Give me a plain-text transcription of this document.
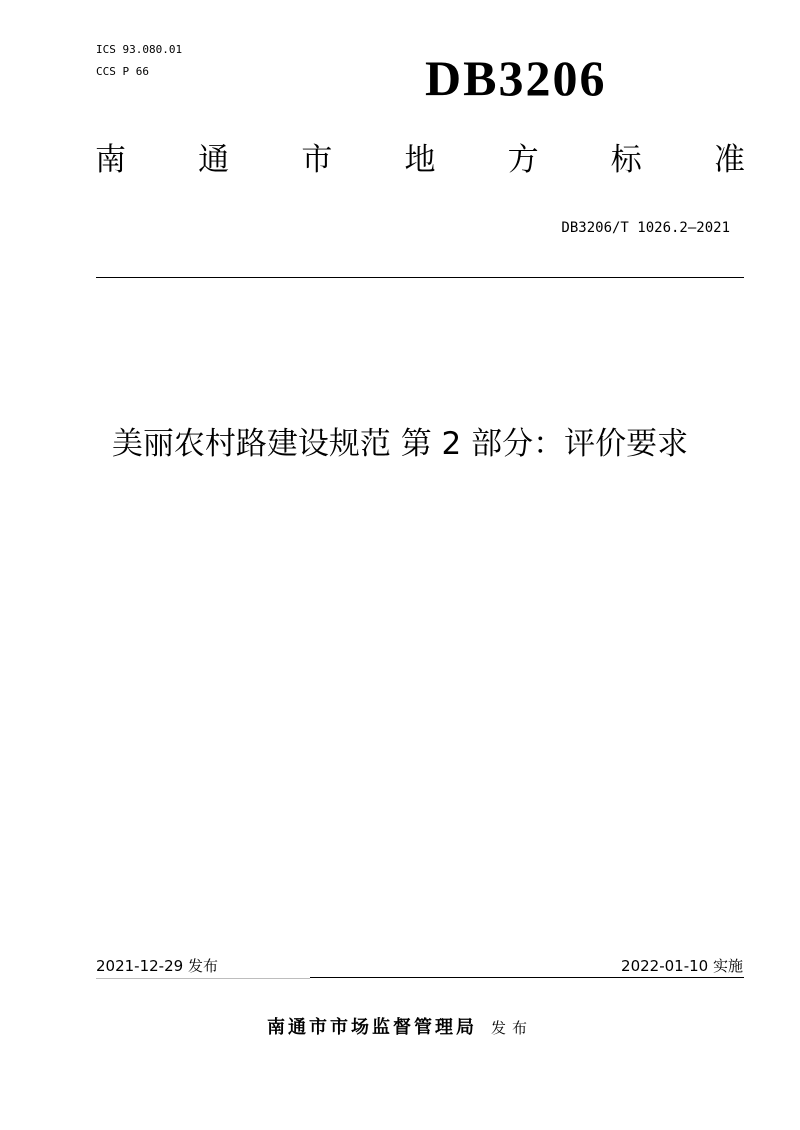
ICS 93.080.01
CCS P 66	DB3206
南 通 市 地 方 标 准
DB3206/T 1026.2—2021
美丽农村路建设规范 第 2 部分：评价要求
2021-12-29 发布	2022-01-10 实施
南通市市场监督管理局 发布
